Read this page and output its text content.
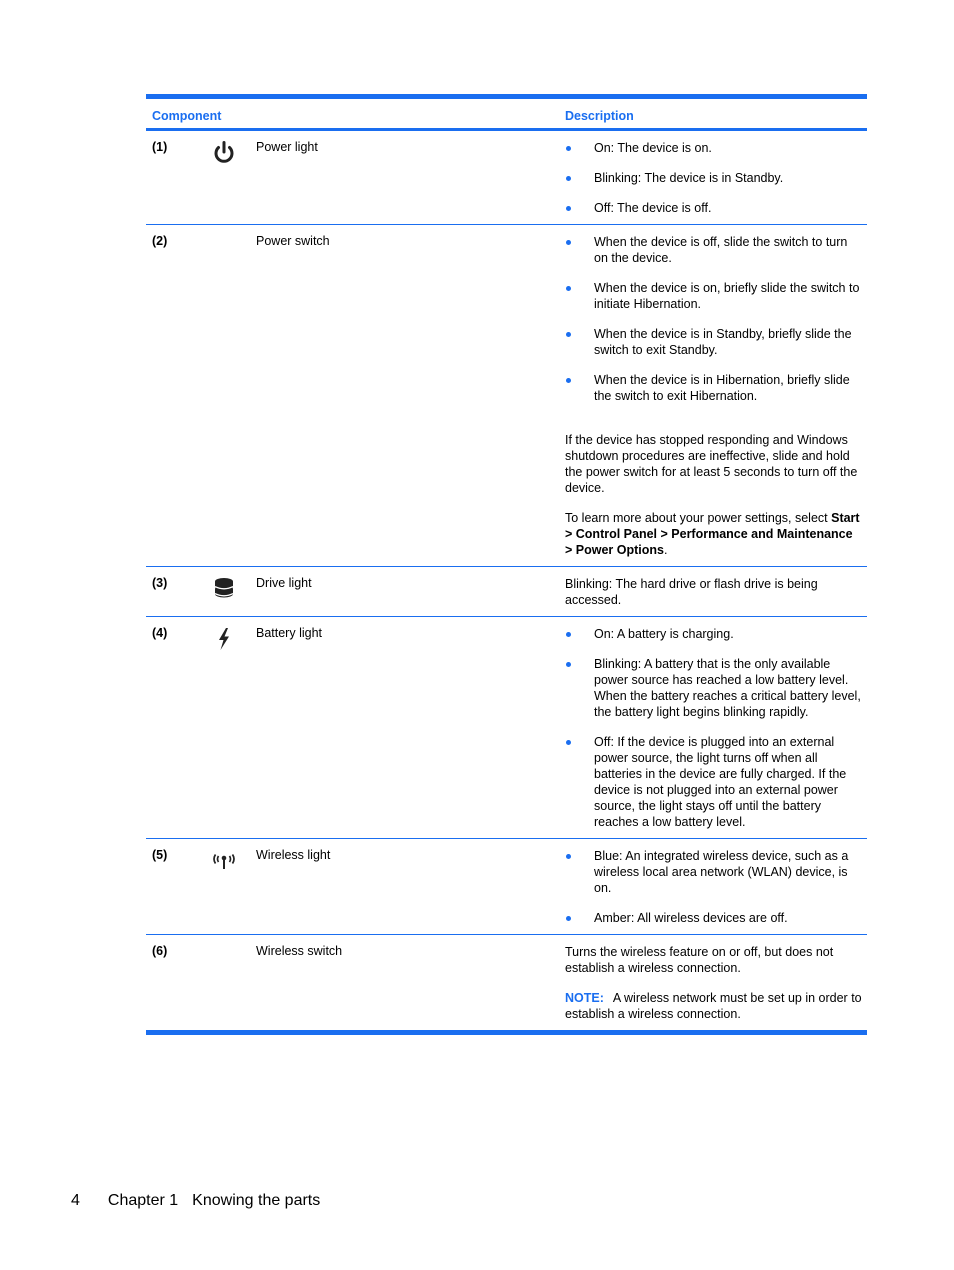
Component	Description
(1)	Power light	On: The device is on.
Blinking: The device is in Standby.
Off: The device is off.
(2)	Power switch	When the device is off, slide the switch to turn on the device.
When the device is on, briefly slide the switch to initiate Hibernation.
When the device is in Standby, briefly slide the switch to exit Standby.
When the device is in Hibernation, briefly slide the switch to exit Hibernation.
If the device has stopped responding and Windows shutdown procedures are ineffective, slide and hold the power switch for at least 5 seconds to turn off the device.
To learn more about your power settings, select Start > Control Panel > Performance and Maintenance > Power Options.
(3)	Drive light	Blinking: The hard drive or flash drive is being accessed.
(4)	Battery light	On: A battery is charging.
Blinking: A battery that is the only available power source has reached a low battery level. When the battery reaches a critical battery level, the battery light begins blinking rapidly.
Off: If the device is plugged into an external power source, the light turns off when all batteries in the device are fully charged. If the device is not plugged into an external power source, the light stays off until the battery reaches a low battery level.
(5)	Wireless light	Blue: An integrated wireless device, such as a wireless local area network (WLAN) device, is on.
Amber: All wireless devices are off.
(6)	Wireless switch	Turns the wireless feature on or off, but does not establish a wireless connection.
NOTE: A wireless network must be set up in order to establish a wireless connection.
4 Chapter 1 Knowing the parts
